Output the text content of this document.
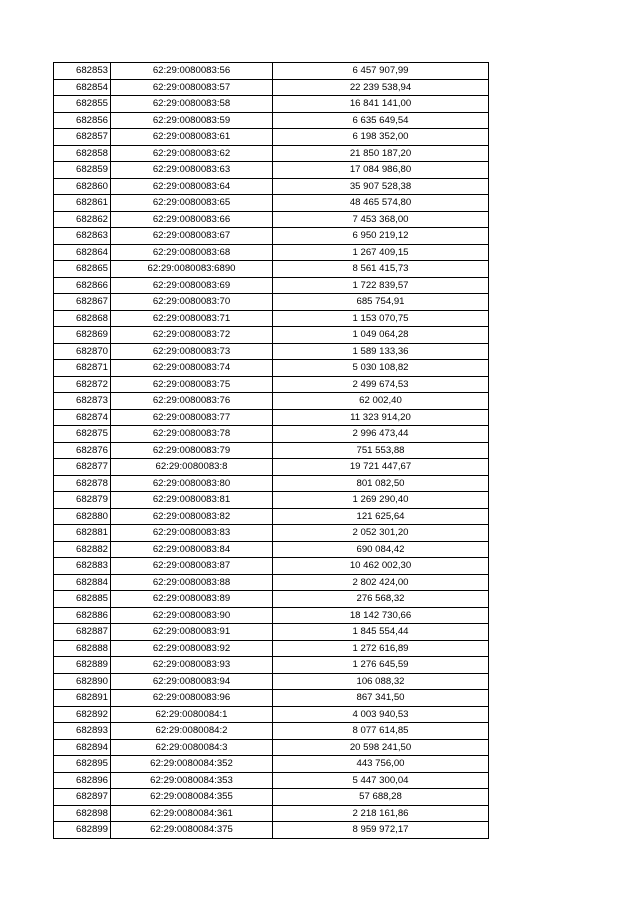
682853	62:29:0080083:56	6 457 907,99
682854	62:29:0080083:57	22 239 538,94
682855	62:29:0080083:58	16 841 141,00
682856	62:29:0080083:59	6 635 649,54
682857	62:29:0080083:61	6 198 352,00
682858	62:29:0080083:62	21 850 187,20
682859	62:29:0080083:63	17 084 986,80
682860	62:29:0080083:64	35 907 528,38
682861	62:29:0080083:65	48 465 574,80
682862	62:29:0080083:66	7 453 368,00
682863	62:29:0080083:67	6 950 219,12
682864	62:29:0080083:68	1 267 409,15
682865	62:29:0080083:6890	8 561 415,73
682866	62:29:0080083:69	1 722 839,57
682867	62:29:0080083:70	685 754,91
682868	62:29:0080083:71	1 153 070,75
682869	62:29:0080083:72	1 049 064,28
682870	62:29:0080083:73	1 589 133,36
682871	62:29:0080083:74	5 030 108,82
682872	62:29:0080083:75	2 499 674,53
682873	62:29:0080083:76	62 002,40
682874	62:29:0080083:77	11 323 914,20
682875	62:29:0080083:78	2 996 473,44
682876	62:29:0080083:79	751 553,88
682877	62:29:0080083:8	19 721 447,67
682878	62:29:0080083:80	801 082,50
682879	62:29:0080083:81	1 269 290,40
682880	62:29:0080083:82	121 625,64
682881	62:29:0080083:83	2 052 301,20
682882	62:29:0080083:84	690 084,42
682883	62:29:0080083:87	10 462 002,30
682884	62:29:0080083:88	2 802 424,00
682885	62:29:0080083:89	276 568,32
682886	62:29:0080083:90	18 142 730,66
682887	62:29:0080083:91	1 845 554,44
682888	62:29:0080083:92	1 272 616,89
682889	62:29:0080083:93	1 276 645,59
682890	62:29:0080083:94	106 088,32
682891	62:29:0080083:96	867 341,50
682892	62:29:0080084:1	4 003 940,53
682893	62:29:0080084:2	8 077 614,85
682894	62:29:0080084:3	20 598 241,50
682895	62:29:0080084:352	443 756,00
682896	62:29:0080084:353	5 447 300,04
682897	62:29:0080084:355	57 688,28
682898	62:29:0080084:361	2 218 161,86
682899	62:29:0080084:375	8 959 972,17
